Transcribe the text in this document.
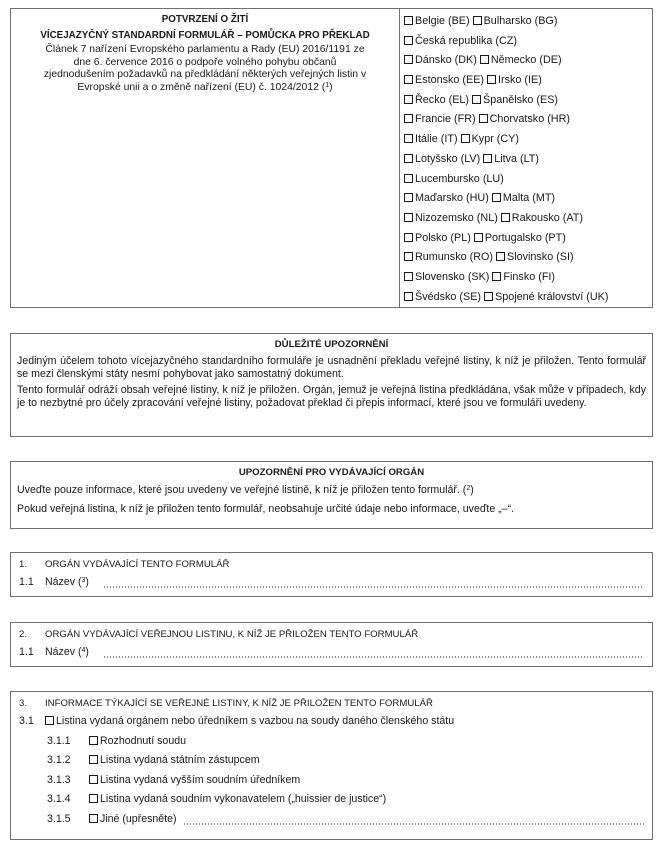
POTVRZENÍ O ŽITÍ
VÍCEJAZYČNÝ STANDARDNÍ FORMULÁŘ – POMŮCKA PRO PŘEKLAD
Článek 7 nařízení Evropského parlamentu a Rady (EU) 2016/1191 ze
dne 6. července 2016 o podpoře volného pohybu občanů
zjednodušením požadavků na předkládání některých veřejných listin v
Evropské unii a o změně nařízení (EU) č. 1024/2012 ($^1$)
Belgie (BE) Bulharsko (BG)
Česká republika (CZ)
Dánsko (DK) Německo (DE)
Estonsko (EE) Irsko (IE)
Řecko (EL) Španělsko (ES)
Francie (FR) Chorvatsko (HR)
Itálie (IT) Kypr (CY)
Lotyšsko (LV) Litva (LT)
Lucembursko (LU)
Maďarsko (HU) Malta (MT)
Nizozemsko (NL) Rakousko (AT)
Polsko (PL) Portugalsko (PT)
Rumunsko (RO) Slovinsko (SI)
Slovensko (SK) Finsko (FI)
Švédsko (SE) Spojené království (UK)
DŮLEŽITÉ UPOZORNĚNÍ
Jediným účelem tohoto vícejazyčného standardního formuláře je usnadnění překladu veřejné listiny, k níž je přiložen. Tento formulář se mezi členskými státy nesmí pohybovat jako samostatný dokument.
Tento formulář odráží obsah veřejné listiny, k níž je přiložen. Orgán, jemuž je veřejná listina předkládána, však může v případech, kdy je to nezbytné pro účely zpracování veřejné listiny, požadovat překlad či přepis informací, které jsou ve formuláři uvedeny.
UPOZORNĚNÍ PRO VYDÁVAJÍCÍ ORGÁN
Uveďte pouze informace, které jsou uvedeny ve veřejné listině, k níž je přiložen tento formulář. ($^2$)
Pokud veřejná listina, k níž je přiložen tento formulář, neobsahuje určité údaje nebo informace, uveďte „–“.
1. ORGÁN VYDÁVAJÍCÍ TENTO FORMULÁŘ
1.1 Název ($^3$)
2. ORGÁN VYDÁVAJÍCÍ VEŘEJNOU LISTINU, K NÍŽ JE PŘILOŽEN TENTO FORMULÁŘ
1.1 Název ($^4$)
3. INFORMACE TÝKAJÍCÍ SE VEŘEJNÉ LISTINY, K NÍŽ JE PŘILOŽEN TENTO FORMULÁŘ
3.1 Listina vydaná orgánem nebo úředníkem s vazbou na soudy daného členského státu
3.1.1	Rozhodnutí soudu
3.1.2	Listina vydaná státním zástupcem
3.1.3	Listina vydaná vyšším soudním úředníkem
3.1.4	Listina vydaná soudním vykonavatelem („huissier de justice“)
3.1.5	Jiné (upřesněte)
